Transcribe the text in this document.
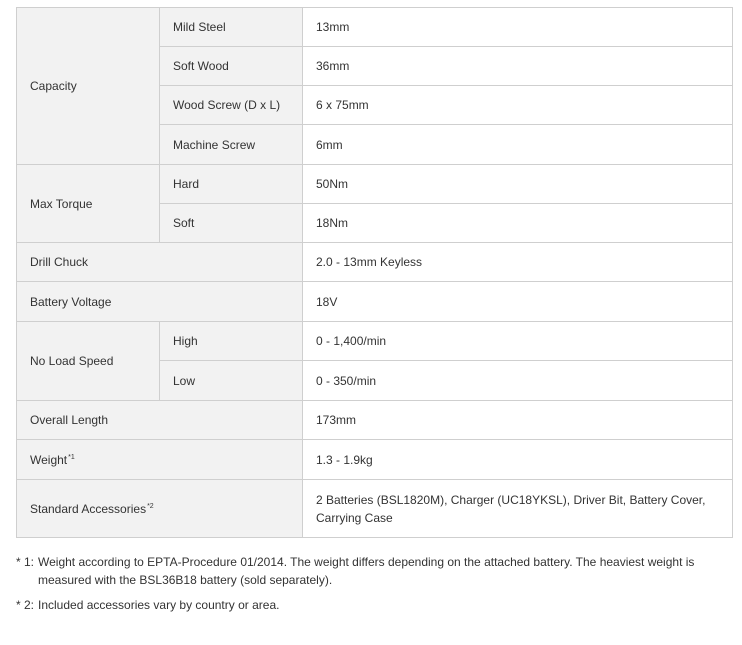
Capacity	Mild Steel	13mm
	Soft Wood	36mm
	Wood Screw (D x L)	6 x 75mm
	Machine Screw	6mm
Max Torque	Hard	50Nm
	Soft	18Nm
Drill Chuck		2.0 - 13mm Keyless
Battery Voltage		18V
No Load Speed	High	0 - 1,400/min
	Low	0 - 350/min
Overall Length		173mm
Weight$^{*1}$		1.3 - 1.9kg
Standard Accessories$^{*2}$		2 Batteries (BSL1820M), Charger (UC18YKSL), Driver Bit, Battery Cover, Carrying Case
* 1: Weight according to EPTA-Procedure 01/2014. The weight differs depending on the attached battery. The heaviest weight is measured with the BSL36B18 battery (sold separately).
* 2: Included accessories vary by country or area.
